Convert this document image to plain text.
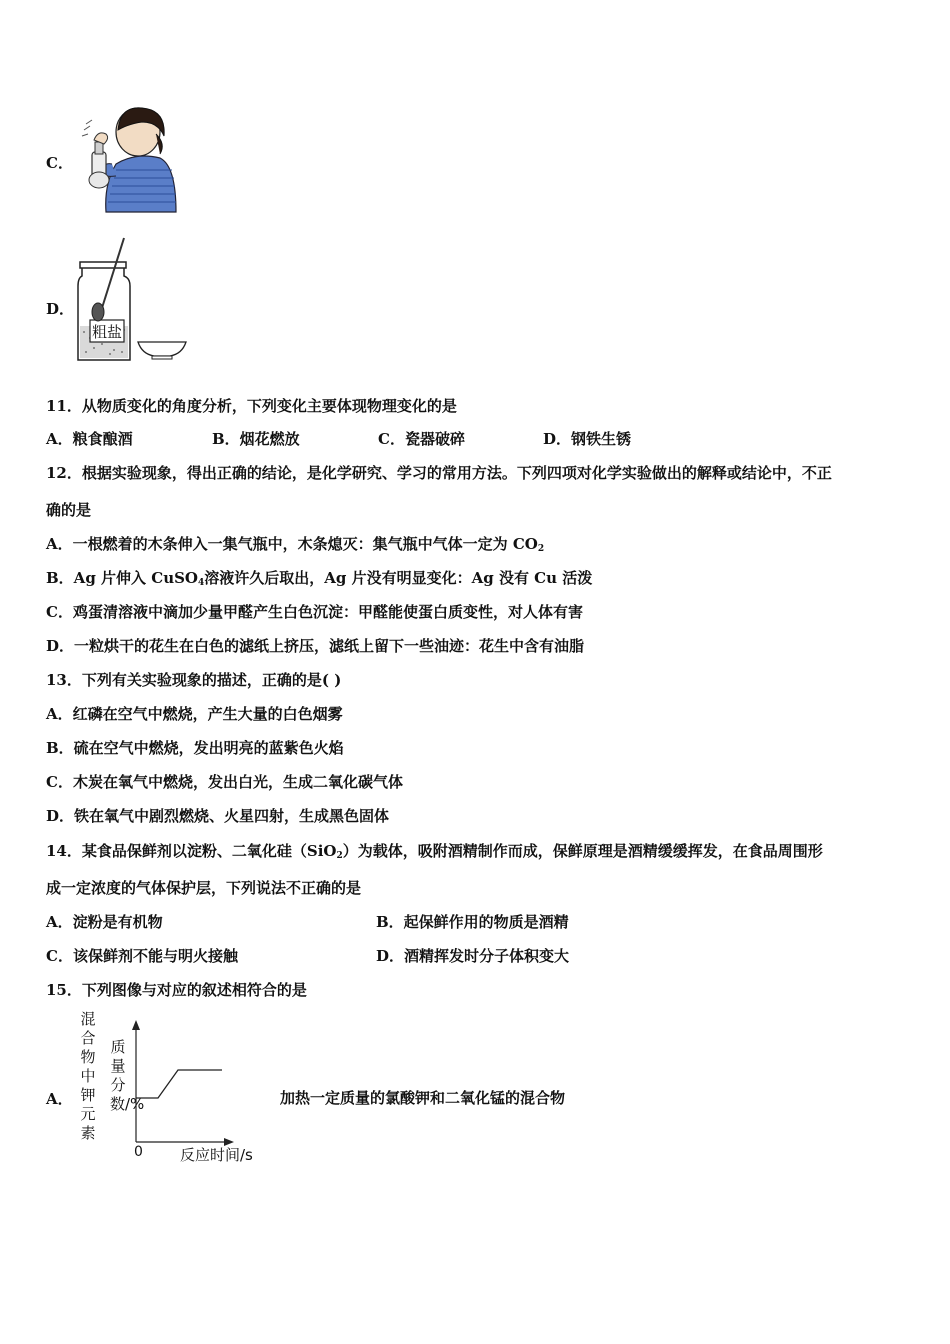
C．
D．
粗盐
11．从物质变化的角度分析，下列变化主要体现物理变化的是
A．粮食酿酒	B．烟花燃放	C．瓷器破碎	D．钢铁生锈
12．根据实验现象，得出正确的结论，是化学研究、学习的常用方法。下列四项对化学实验做出的解释或结论中，不正
确的是
A．一根燃着的木条伸入一集气瓶中，木条熄灭：集气瓶中气体一定为 $CO_2$
B．Ag 片伸入 CuSO$_4$溶液许久后取出，Ag 片没有明显变化：Ag 没有 Cu 活泼
C．鸡蛋清溶液中滴加少量甲醛产生白色沉淀：甲醛能使蛋白质变性，对人体有害
D．一粒烘干的花生在白色的滤纸上挤压，滤纸上留下一些油迹：花生中含有油脂
13．下列有关实验现象的描述，正确的是( )
A．红磷在空气中燃烧，产生大量的白色烟雾
B．硫在空气中燃烧，发出明亮的蓝紫色火焰
C．木炭在氧气中燃烧，发出白光，生成二氧化碳气体
D．铁在氧气中剧烈燃烧、火星四射，生成黑色固体
14．某食品保鲜剂以淀粉、二氧化硅（SiO$_2$）为载体，吸附酒精制作而成，保鲜原理是酒精缓缓挥发，在食品周围形
成一定浓度的气体保护层，下列说法不正确的是
A．淀粉是有机物	B．起保鲜作用的物质是酒精
C．该保鲜剂不能与明火接触	D．酒精挥发时分子体积变大
15．下列图像与对应的叙述相符合的是
A．
混合物中钾元素
质量分数/%
0 反应时间/s
加热一定质量的氯酸钾和二氧化锰的混合物
